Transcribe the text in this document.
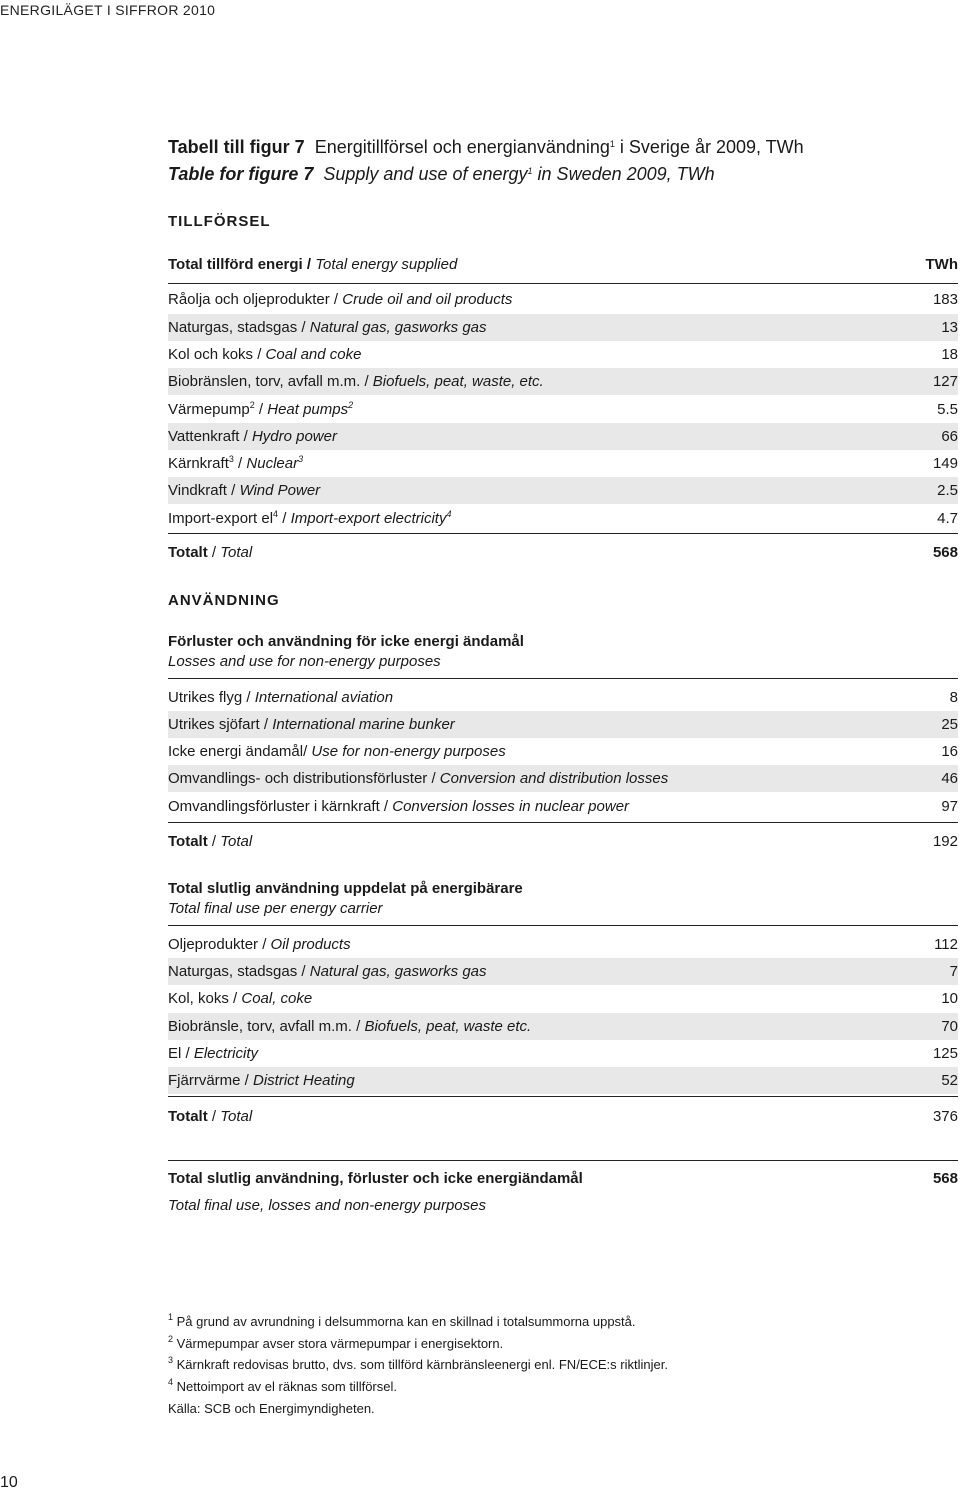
ENERGILÄGET I SIFFROR 2010
Tabell till figur 7 Energitillförsel och energianvändning$^1$ i Sverige år 2009, TWh
Table for figure 7 Supply and use of energy$^1$ in Sweden 2009, TWh
TILLFÖRSEL
Total tillförd energi / Total energy supplied	TWh
Råolja och oljeprodukter / Crude oil and oil products	183
Naturgas, stadsgas / Natural gas, gasworks gas	13
Kol och koks / Coal and coke	18
Biobränslen, torv, avfall m.m. / Biofuels, peat, waste, etc.	127
Värmepump$^2$ / Heat pumps$^2$	5.5
Vattenkraft / Hydro power	66
Kärnkraft$^3$ / Nuclear$^3$	149
Vindkraft / Wind Power	2.5
Import-export $el^4$ / Import-export electricity$^4$	4.7
Totalt / Total	568
ANVÄNDNING
Förluster och användning för icke energi ändamål
Losses and use for non-energy purposes
Utrikes flyg / International aviation	8
Utrikes sjöfart / International marine bunker	25
Icke energi ändamål/ Use for non-energy purposes	16
Omvandlings- och distributionsförluster / Conversion and distribution losses	46
Omvandlingsförluster i kärnkraft / Conversion losses in nuclear power	97
Totalt / Total	192
Total slutlig användning uppdelat på energibärare
Total final use per energy carrier
Oljeprodukter / Oil products	112
Naturgas, stadsgas / Natural gas, gasworks gas	7
Kol, koks / Coal, coke	10
Biobränsle, torv, avfall m.m. / Biofuels, peat, waste etc.	70
El / Electricity	125
Fjärrvärme / District Heating	52
Totalt / Total	376
Total slutlig användning, förluster och icke energiändamål	568
Total final use, losses and non-energy purposes
$^1$ På grund av avrundning i delsummorna kan en skillnad i totalsummorna uppstå.
$^2$ Värmepumpar avser stora värmepumpar i energisektorn.
$^3$ Kärnkraft redovisas brutto, dvs. som tillförd kärnbränsleenergi enl. FN/ECE:s riktlinjer.
$^4$ Nettoimport av el räknas som tillförsel.
Källa: SCB och Energimyndigheten.
10
